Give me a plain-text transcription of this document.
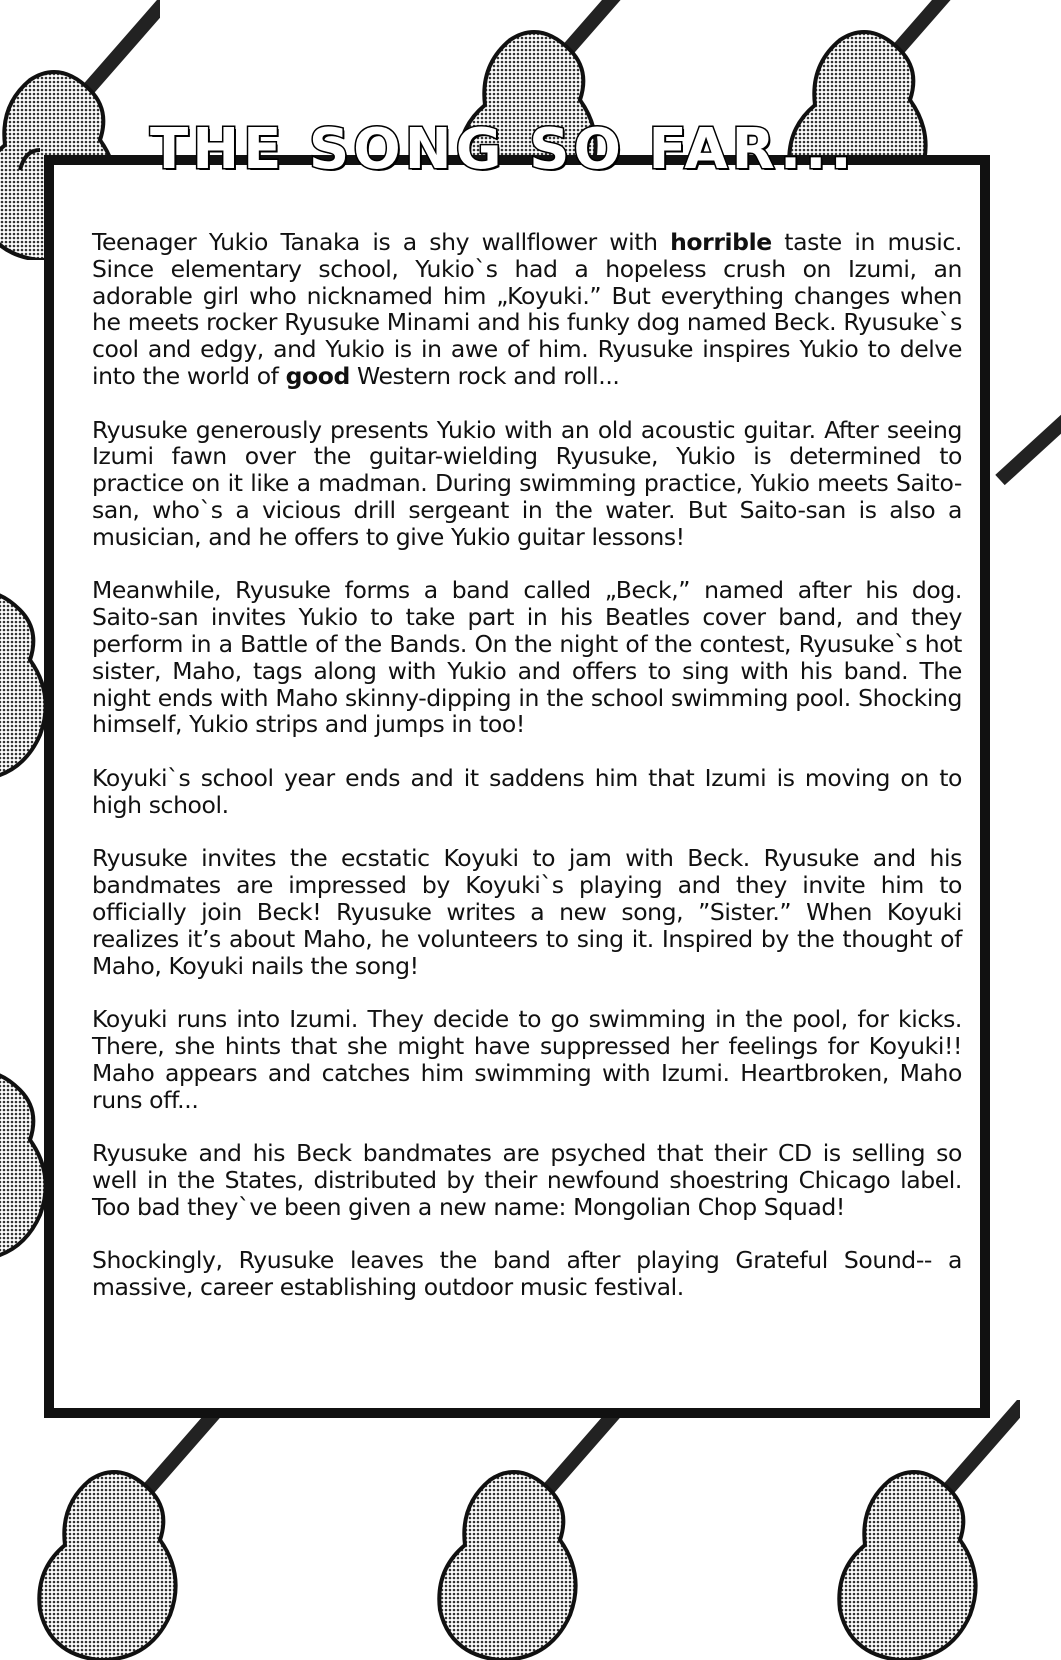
THE SONG SO FAR...

Teenager Yukio Tanaka is a shy wallflower with horrible taste in music. Since elementary school, Yukio`s had a hopeless crush on Izumi, an adorable girl who nicknamed him „Koyuki.” But everything changes when he meets rocker Ryusuke Minami and his funky dog named Beck. Ryusuke`s cool and edgy, and Yukio is in awe of him. Ryusuke inspires Yukio to delve into the world of good Western rock and roll...

Ryusuke generously presents Yukio with an old acoustic guitar. After seeing Izumi fawn over the guitar-wielding Ryusuke, Yukio is determined to practice on it like a madman. During swimming practice, Yukio meets Saito-san, who`s a vicious drill sergeant in the water. But Saito-san is also a musician, and he offers to give Yukio guitar lessons!

Meanwhile, Ryusuke forms a band called „Beck,” named after his dog. Saito-san invites Yukio to take part in his Beatles cover band, and they perform in a Battle of the Bands. On the night of the contest, Ryusuke`s hot sister, Maho, tags along with Yukio and offers to sing with his band. The night ends with Maho skinny-dipping in the school swimming pool. Shocking himself, Yukio strips and jumps in too!

Koyuki`s school year ends and it saddens him that Izumi is moving on to high school.

Ryusuke invites the ecstatic Koyuki to jam with Beck. Ryusuke and his bandmates are impressed by Koyuki`s playing and they invite him to officially join Beck! Ryusuke writes a new song, ”Sister.” When Koyuki realizes it’s about Maho, he volunteers to sing it. Inspired by the thought of Maho, Koyuki nails the song!

Koyuki runs into Izumi. They decide to go swimming in the pool, for kicks. There, she hints that she might have suppressed her feelings for Koyuki!! Maho appears and catches him swimming with Izumi. Heartbroken, Maho runs off...

Ryusuke and his Beck bandmates are psyched that their CD is selling so well in the States, distributed by their newfound shoestring Chicago label. Too bad they`ve been given a new name: Mongolian Chop Squad!

Shockingly, Ryusuke leaves the band after playing Grateful Sound-- a massive, career establishing outdoor music festival.
